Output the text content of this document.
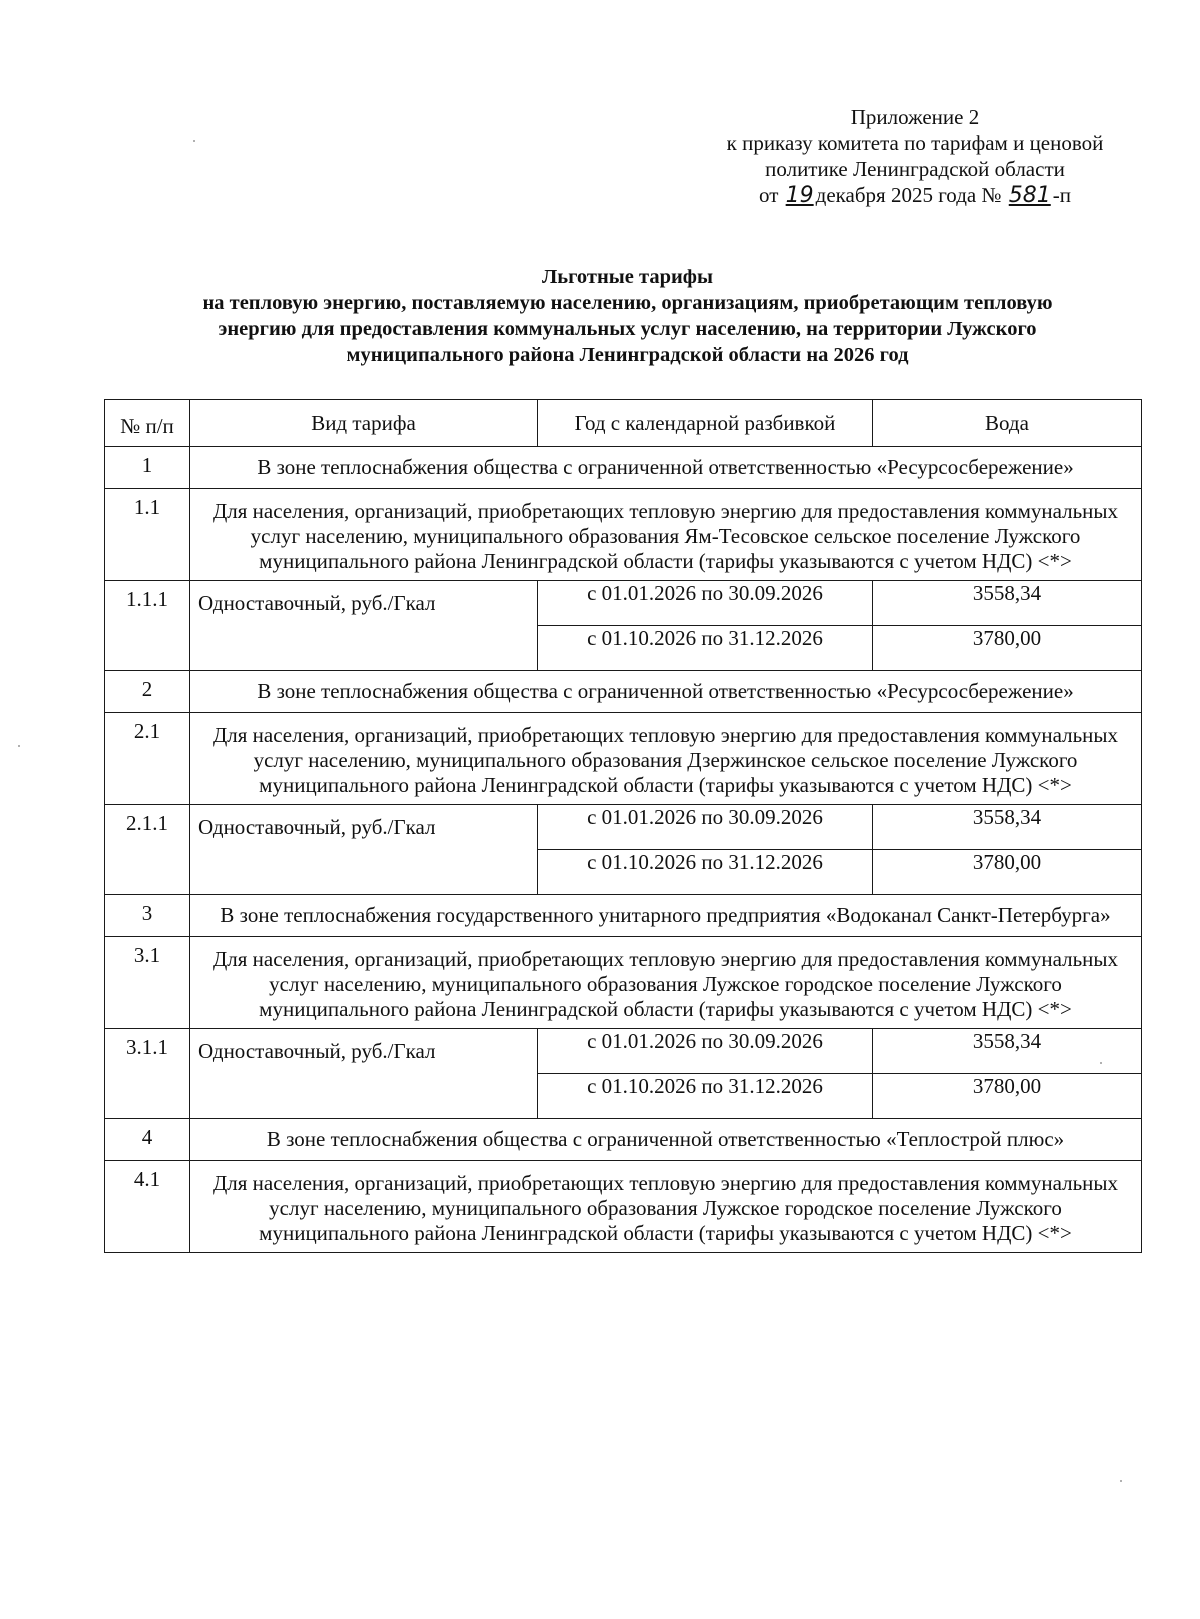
Приложение 2
к приказу комитета по тарифам и ценовой
политике Ленинградской области
от 19декабря 2025 года № 581-п
Льготные тарифы
на тепловую энергию, поставляемую населению, организациям, приобретающим тепловую
энергию для предоставления коммунальных услуг населению, на территории Лужского
муниципального района Ленинградской области на 2026 год
№ п/п	Вид тарифа	Год с календарной разбивкой	Вода
1	В зоне теплоснабжения общества с ограниченной ответственностью «Ресурсосбережение»		
1.1	Для населения, организаций, приобретающих тепловую энергию для предоставления коммунальных услуг населению, муниципального образования Ям-Тесовское сельское поселение Лужского муниципального района Ленинградской области (тарифы указываются с учетом НДС) <*>		
1.1.1	Одноставочный, руб./Гкал	с 01.01.2026 по 30.09.2026	3558,34
		с 01.10.2026 по 31.12.2026	3780,00
2	В зоне теплоснабжения общества с ограниченной ответственностью «Ресурсосбережение»		
2.1	Для населения, организаций, приобретающих тепловую энергию для предоставления коммунальных услуг населению, муниципального образования Дзержинское сельское поселение Лужского муниципального района Ленинградской области (тарифы указываются с учетом НДС) <*>		
2.1.1	Одноставочный, руб./Гкал	с 01.01.2026 по 30.09.2026	3558,34
		с 01.10.2026 по 31.12.2026	3780,00
3	В зоне теплоснабжения государственного унитарного предприятия «Водоканал Санкт-Петербурга»		
3.1	Для населения, организаций, приобретающих тепловую энергию для предоставления коммунальных услуг населению, муниципального образования Лужское городское поселение Лужского муниципального района Ленинградской области (тарифы указываются с учетом НДС) <*>		
3.1.1	Одноставочный, руб./Гкал	с 01.01.2026 по 30.09.2026	3558,34
		с 01.10.2026 по 31.12.2026	3780,00
4	В зоне теплоснабжения общества с ограниченной ответственностью «Теплострой плюс»		
4.1	Для населения, организаций, приобретающих тепловую энергию для предоставления коммунальных услуг населению, муниципального образования Лужское городское поселение Лужского муниципального района Ленинградской области (тарифы указываются с учетом НДС) <*>		
